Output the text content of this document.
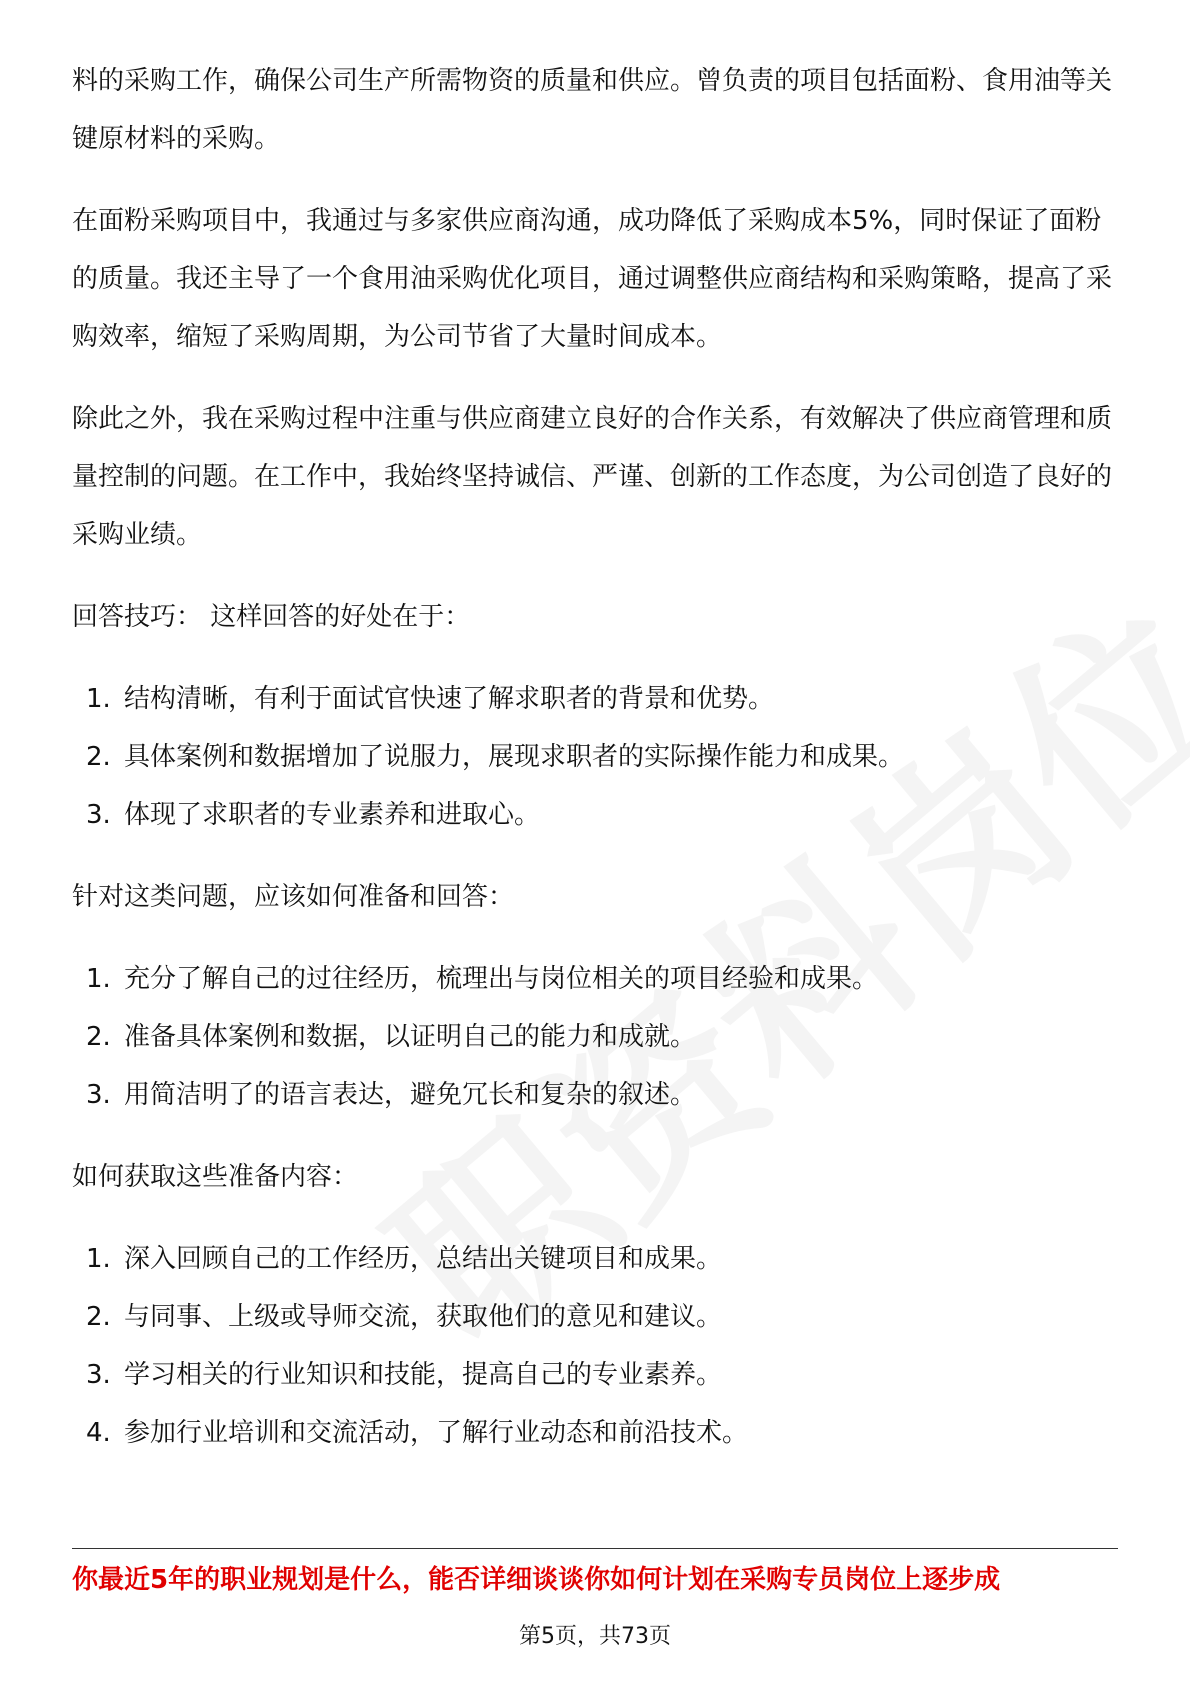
料的采购工作，确保公司生产所需物资的质量和供应。曾负责的项目包括面粉、食用油等关键原材料的采购。

在面粉采购项目中，我通过与多家供应商沟通，成功降低了采购成本5%，同时保证了面粉的质量。我还主导了一个食用油采购优化项目，通过调整供应商结构和采购策略，提高了采购效率，缩短了采购周期，为公司节省了大量时间成本。

除此之外，我在采购过程中注重与供应商建立良好的合作关系，有效解决了供应商管理和质量控制的问题。在工作中，我始终坚持诚信、严谨、创新的工作态度，为公司创造了良好的采购业绩。

回答技巧： 这样回答的好处在于：

1. 结构清晰，有利于面试官快速了解求职者的背景和优势。
2. 具体案例和数据增加了说服力，展现求职者的实际操作能力和成果。
3. 体现了求职者的专业素养和进取心。

针对这类问题，应该如何准备和回答：

1. 充分了解自己的过往经历，梳理出与岗位相关的项目经验和成果。
2. 准备具体案例和数据，以证明自己的能力和成就。
3. 用简洁明了的语言表达，避免冗长和复杂的叙述。

如何获取这些准备内容：

1. 深入回顾自己的工作经历，总结出关键项目和成果。
2. 与同事、上级或导师交流，获取他们的意见和建议。
3. 学习相关的行业知识和技能，提高自己的专业素养。
4. 参加行业培训和交流活动，了解行业动态和前沿技术。
你最近5年的职业规划是什么，能否详细谈谈你如何计划在采购专员岗位上逐步成
第5页，共73页
